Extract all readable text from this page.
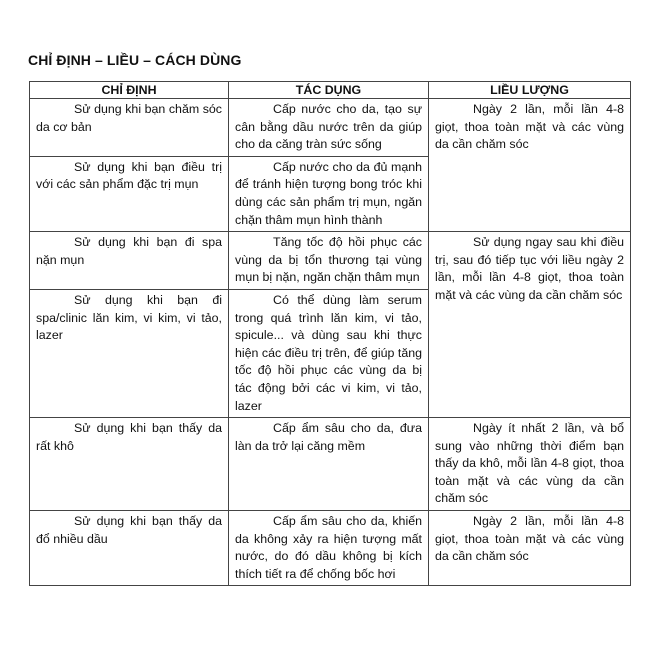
CHỈ ĐỊNH – LIỀU – CÁCH DÙNG
CHỈ ĐỊNH	TÁC DỤNG	LIỀU LƯỢNG
Sử dụng khi bạn chăm sóc da cơ bản	Cấp nước cho da, tạo sự cân bằng dầu nước trên da giúp cho da căng tràn sức sống	Ngày 2 lần, mỗi lần 4-8 giọt, thoa toàn mặt và các vùng da cần chăm sóc
Sử dụng khi bạn điều trị với các sản phẩm đặc trị mụn	Cấp nước cho da đủ mạnh để tránh hiện tượng bong tróc khi dùng các sản phẩm trị mụn, ngăn chặn thâm mụn hình thành	
Sử dụng khi bạn đi spa nặn mụn	Tăng tốc độ hồi phục các vùng da bị tổn thương tại vùng mụn bị nặn, ngăn chặn thâm mụn	Sử dụng ngay sau khi điều trị, sau đó tiếp tục với liều ngày 2 lần, mỗi lần 4-8 giọt, thoa toàn mặt và các vùng da cần chăm sóc
Sử dụng khi bạn đi spa/clinic lăn kim, vi kim, vi tảo, lazer	Có thể dùng làm serum trong quá trình lăn kim, vi tảo, spicule... và dùng sau khi thực hiện các điều trị trên, để giúp tăng tốc độ hồi phục các vùng da bị tác động bởi các vi kim, vi tảo, lazer	
Sử dụng khi bạn thấy da rất khô	Cấp ẩm sâu cho da, đưa làn da trở lại căng mềm	Ngày ít nhất 2 lần, và bổ sung vào những thời điểm bạn thấy da khô, mỗi lần 4-8 giọt, thoa toàn mặt và các vùng da cần chăm sóc
Sử dụng khi bạn thấy da đổ nhiều dầu	Cấp ẩm sâu cho da, khiến da không xảy ra hiện tượng mất nước, do đó dầu không bị kích thích tiết ra để chống bốc hơi	Ngày 2 lần, mỗi lần 4-8 giọt, thoa toàn mặt và các vùng da cần chăm sóc
